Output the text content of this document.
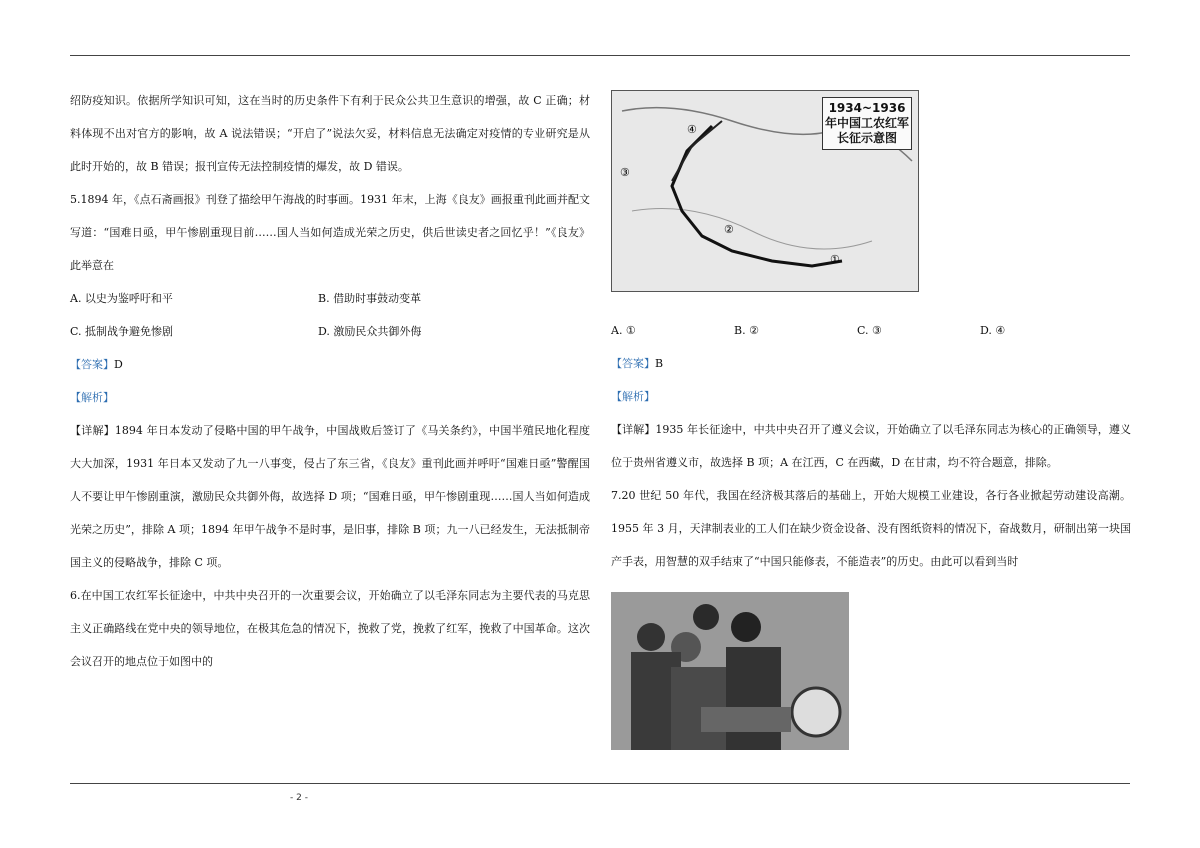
绍防疫知识。依据所学知识可知，这在当时的历史条件下有利于民众公共卫生意识的增强，故 C 正确；材料体现不出对官方的影响，故 A 说法错误；“开启了”说法欠妥，材料信息无法确定对疫情的专业研究是从此时开始的，故 B 错误；报刊宣传无法控制疫情的爆发，故 D 错误。

5.1894 年，《点石斋画报》刊登了描绘甲午海战的时事画。1931 年末，上海《良友》画报重刊此画并配文写道：“国难日亟，甲午惨剧重现目前……国人当如何造成光荣之历史，供后世读史者之回忆乎！”《良友》此举意在

A. 以史为鉴呼吁和平	B. 借助时事鼓动变革
C. 抵制战争避免惨剧	D. 激励民众共御外侮

【答案】D

【解析】

【详解】1894 年日本发动了侵略中国的甲午战争，中国战败后签订了《马关条约》，中国半殖民地化程度大大加深，1931 年日本又发动了九一八事变，侵占了东三省，《良友》重刊此画并呼吁“国难日亟”警醒国人不要让甲午惨剧重演，激励民众共御外侮，故选择 D 项；“国难日亟，甲午惨剧重现……国人当如何造成光荣之历史”，排除 A 项；1894 年甲午战争不是时事，是旧事，排除 B 项；九一八已经发生，无法抵制帝国主义的侵略战争，排除 C 项。

6.在中国工农红军长征途中，中共中央召开的一次重要会议，开始确立了以毛泽东同志为主要代表的马克思主义正确路线在党中央的领导地位，在极其危急的情况下，挽救了党，挽救了红军，挽救了中国革命。这次会议召开的地点位于如图中的

①
②
③
④
1934~1936年中国工农红军长征示意图
A. ①	B. ②	C. ③	D. ④

【答案】B

【解析】

【详解】1935 年长征途中，中共中央召开了遵义会议，开始确立了以毛泽东同志为核心的正确领导，遵义位于贵州省遵义市，故选择 B 项；A 在江西，C 在西藏，D 在甘肃，均不符合题意，排除。

7.20 世纪 50 年代，我国在经济极其落后的基础上，开始大规模工业建设，各行各业掀起劳动建设高潮。1955 年 3 月，天津制表业的工人们在缺少资金设备、没有图纸资料的情况下，奋战数月，研制出第一块国产手表，用智慧的双手结束了“中国只能修表，不能造表”的历史。由此可以看到当时

- 2 -
